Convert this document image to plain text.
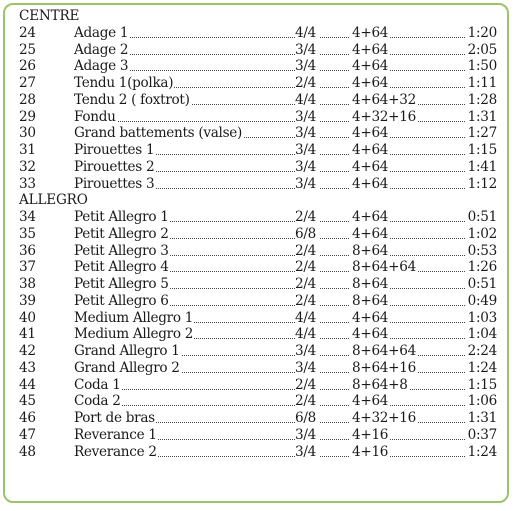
CENTRE
24	Adage 1	4/4	4+64	1:20
25	Adage 2	3/4	4+64	2:05
26	Adage 3	3/4	4+64	1:50
27	Tendu 1(polka)	2/4	4+64	1:11
28	Tendu 2 ( foxtrot)	4/4	4+64+32	1:28
29	Fondu	3/4	4+32+16	1:31
30	Grand battements (valse)	3/4	4+64	1:27
31	Pirouettes 1	3/4	4+64	1:15
32	Pirouettes 2	3/4	4+64	1:41
33	Pirouettes 3	3/4	4+64	1:12
ALLEGRO
34	Petit Allegro 1	2/4	4+64	0:51
35	Petit Allegro 2	6/8	4+64	1:02
36	Petit Allegro 3	2/4	8+64	0:53
37	Petit Allegro 4	2/4	8+64+64	1:26
38	Petit Allegro 5	2/4	8+64	0:51
39	Petit Allegro 6	2/4	8+64	0:49
40	Medium Allegro 1	4/4	4+64	1:03
41	Medium Allegro 2	4/4	4+64	1:04
42	Grand Allegro 1	3/4	8+64+64	2:24
43	Grand Allegro 2	3/4	8+64+16	1:24
44	Coda 1	2/4	8+64+8	1:15
45	Coda 2	2/4	4+64	1:06
46	Port de bras	6/8	4+32+16	1:31
47	Reverance 1	3/4	4+16	0:37
48	Reverance 2	3/4	4+16	1:24
